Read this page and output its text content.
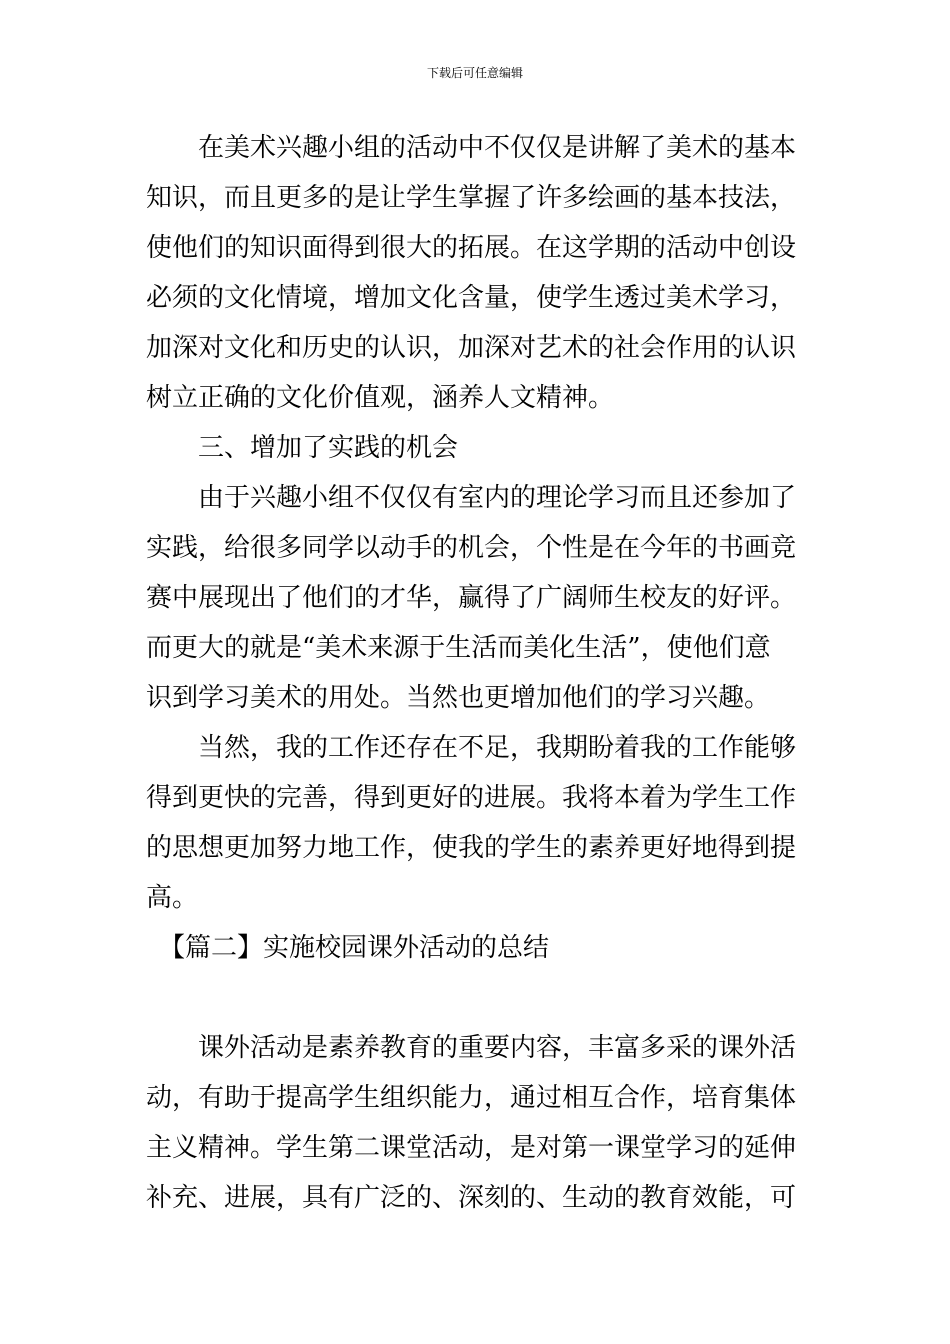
下载后可任意编辑
　　在美术兴趣小组的活动中不仅仅是讲解了美术的基本
知识，而且更多的是让学生掌握了许多绘画的基本技法，
使他们的知识面得到很大的拓展。在这学期的活动中创设
必须的文化情境，增加文化含量，使学生透过美术学习，
加深对文化和历史的认识，加深对艺术的社会作用的认识
树立正确的文化价值观，涵养人文精神。
　　三、增加了实践的机会
　　由于兴趣小组不仅仅有室内的理论学习而且还参加了
实践，给很多同学以动手的机会，个性是在今年的书画竞
赛中展现出了他们的才华，赢得了广阔师生校友的好评。
而更大的就是“美术来源于生活而美化生活”，使他们意
识到学习美术的用处。当然也更增加他们的学习兴趣。
　　当然，我的工作还存在不足，我期盼着我的工作能够
得到更快的完善，得到更好的进展。我将本着为学生工作
的思想更加努力地工作，使我的学生的素养更好地得到提
高。
　【篇二】实施校园课外活动的总结
　　课外活动是素养教育的重要内容，丰富多采的课外活
动，有助于提高学生组织能力，通过相互合作，培育集体
主义精神。学生第二课堂活动，是对第一课堂学习的延伸
补充、进展，具有广泛的、深刻的、生动的教育效能，可
